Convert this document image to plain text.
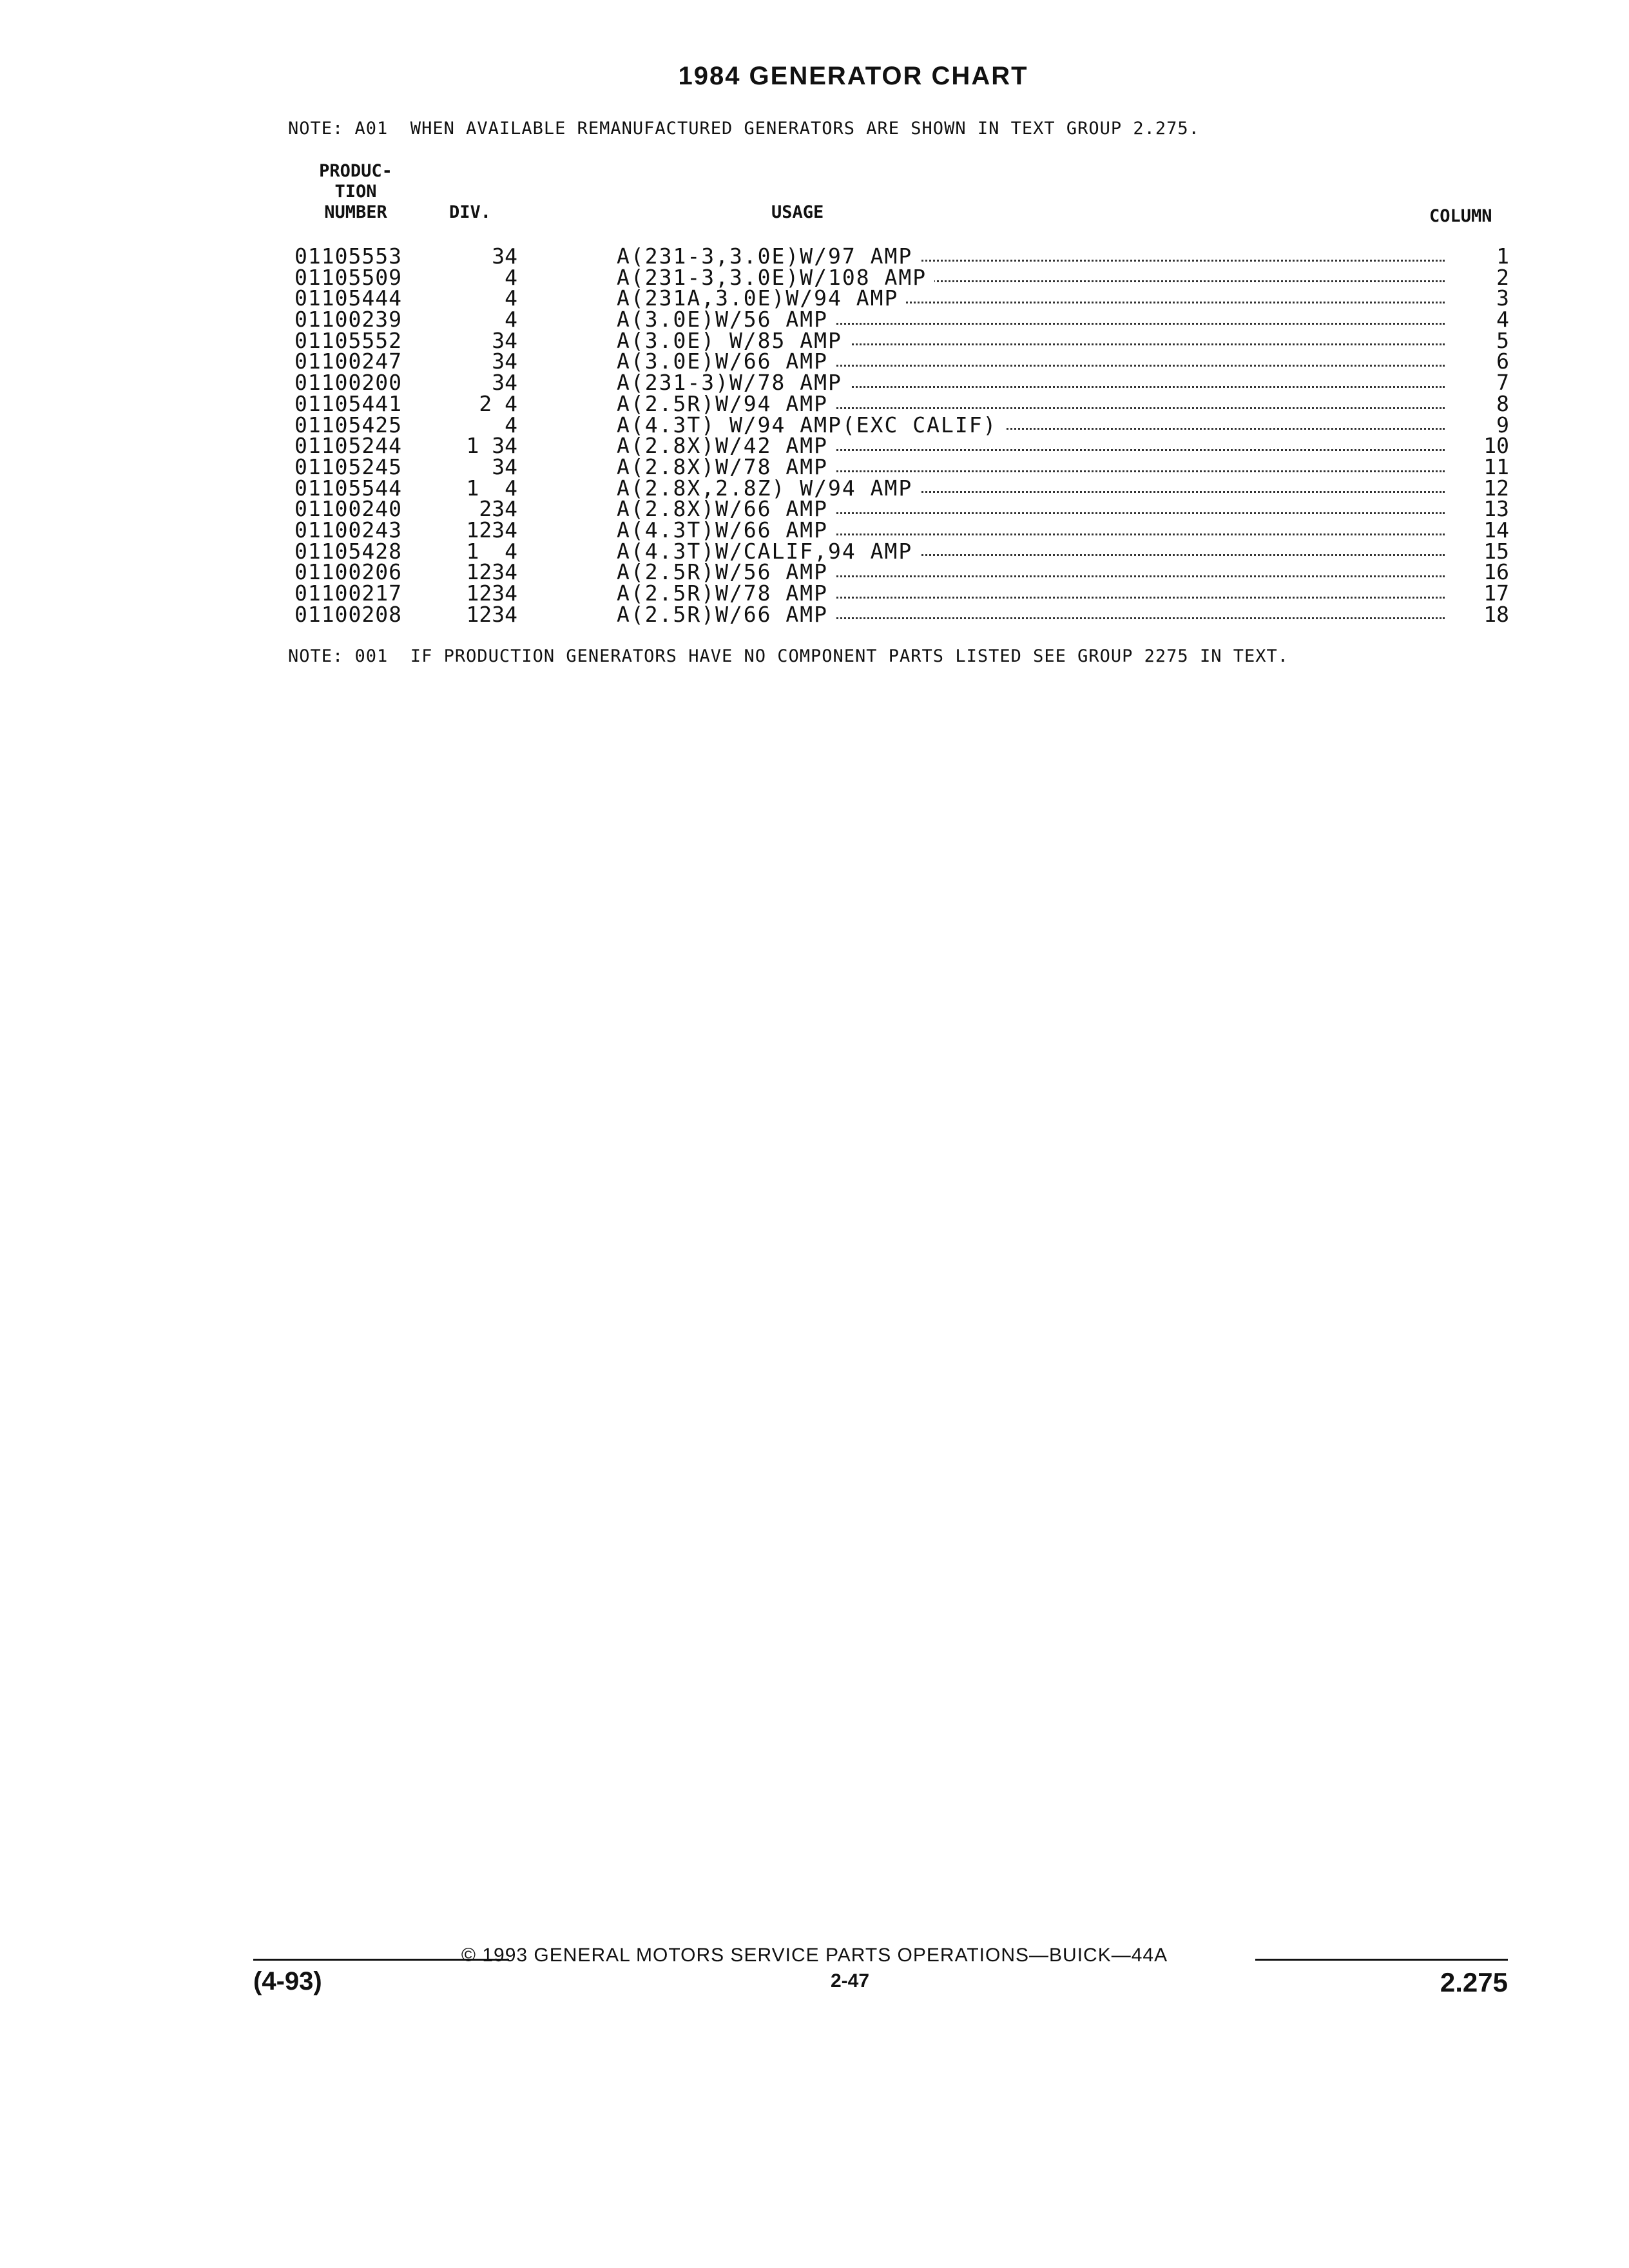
1984 GENERATOR CHART
NOTE: A01  WHEN AVAILABLE REMANUFACTURED GENERATORS ARE SHOWN IN TEXT GROUP 2.275.
PRODUC-
TION
NUMBER	DIV.	USAGE	COLUMN
01105553	34	A(231-3,3.0E)W/97 AMP	1
01105509	4	A(231-3,3.0E)W/108 AMP	2
01105444	4	A(231A,3.0E)W/94 AMP	3
01100239	4	A(3.0E)W/56 AMP	4
01105552	34	A(3.0E) W/85 AMP	5
01100247	34	A(3.0E)W/66 AMP	6
01100200	34	A(231-3)W/78 AMP	7
01105441	2 4	A(2.5R)W/94 AMP	8
01105425	4	A(4.3T) W/94 AMP(EXC CALIF)	9
01105244	1 34	A(2.8X)W/42 AMP	10
01105245	34	A(2.8X)W/78 AMP	11
01105544	1  4	A(2.8X,2.8Z) W/94 AMP	12
01100240	234	A(2.8X)W/66 AMP	13
01100243	1234	A(4.3T)W/66 AMP	14
01105428	1  4	A(4.3T)W/CALIF,94 AMP	15
01100206	1234	A(2.5R)W/56 AMP	16
01100217	1234	A(2.5R)W/78 AMP	17
01100208	1234	A(2.5R)W/66 AMP	18
NOTE: 001  IF PRODUCTION GENERATORS HAVE NO COMPONENT PARTS LISTED SEE GROUP 2275 IN TEXT.
© 1993 GENERAL MOTORS SERVICE PARTS OPERATIONS—BUICK—44A
(4-93)	2-47	2.275
